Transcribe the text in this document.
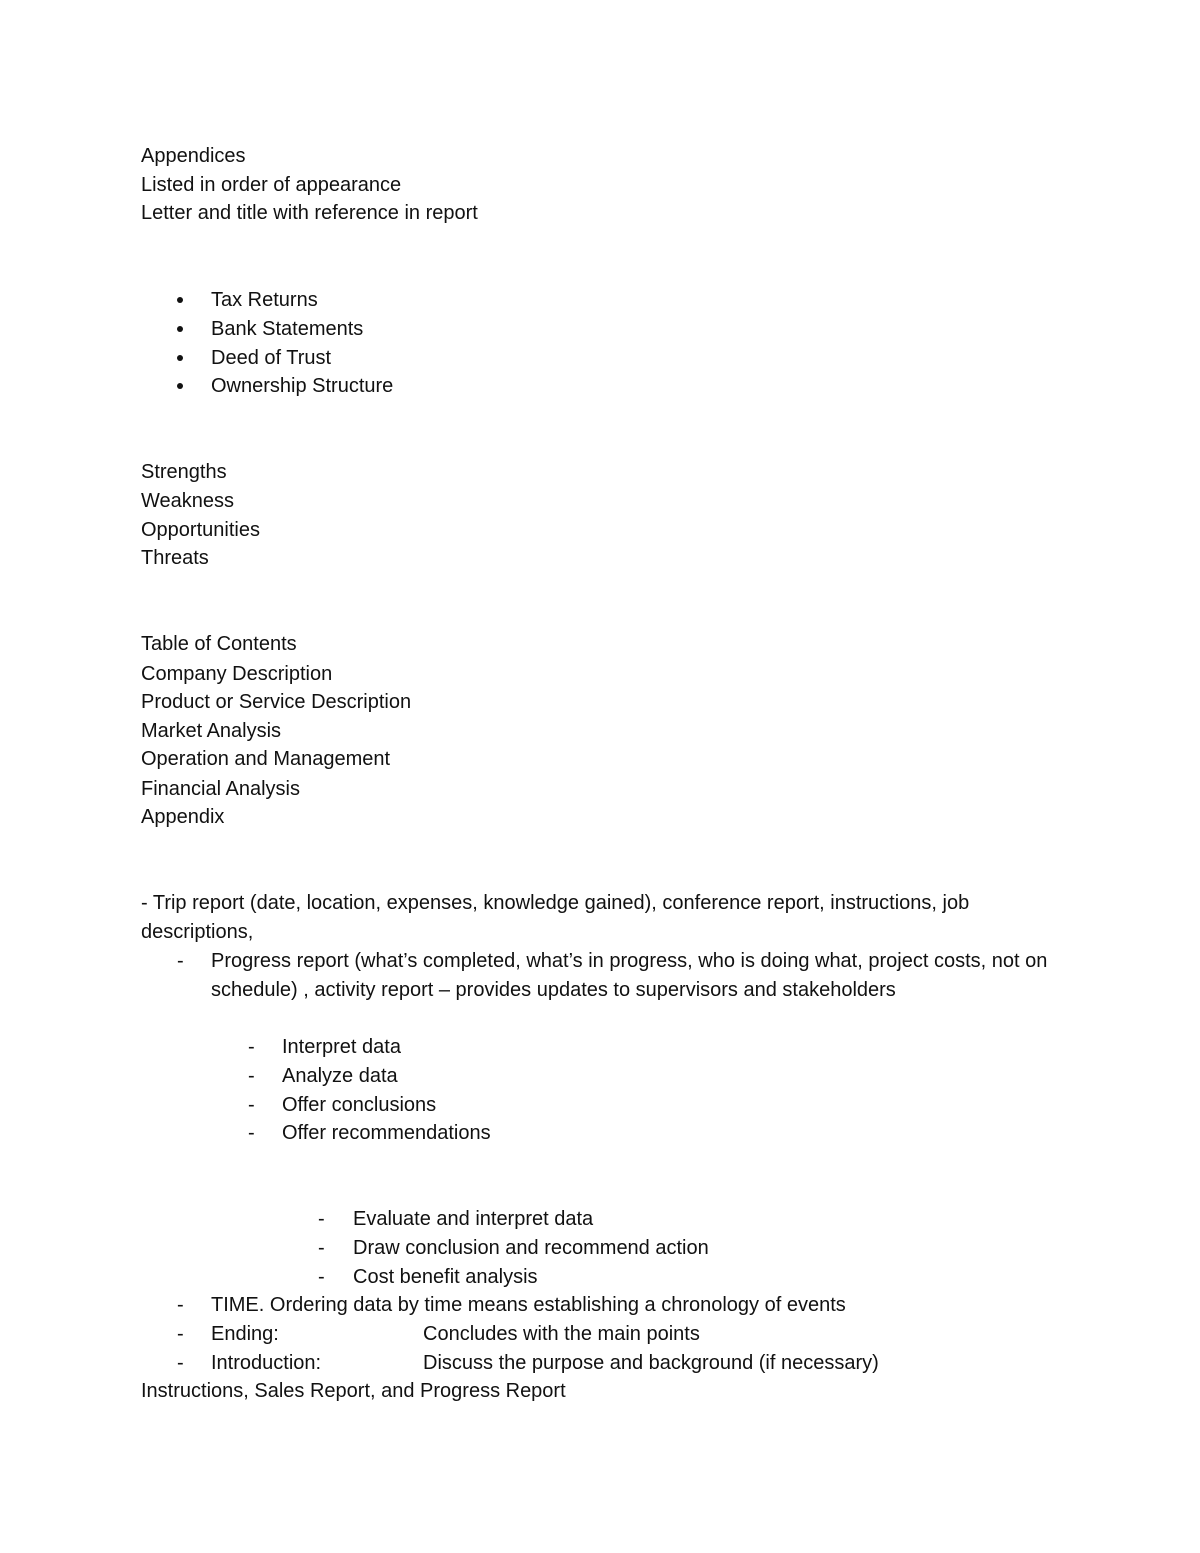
Appendices
Listed in order of appearance
Letter and title with reference in report
Tax Returns
Bank Statements
Deed of Trust
Ownership Structure
Strengths
Weakness
Opportunities
Threats
Table of Contents
Company Description
Product or Service Description
Market Analysis
Operation and Management
Financial Analysis
Appendix
- Trip report (date, location, expenses, knowledge gained), conference report, instructions, job descriptions,
- Progress report (what’s completed, what’s in progress, who is doing what, project costs, not on schedule) , activity report – provides updates to supervisors and stakeholders
- Interpret data
- Analyze data
- Offer conclusions
- Offer recommendations
- Evaluate and interpret data
- Draw conclusion and recommend action
- Cost benefit analysis
- TIME. Ordering data by time means establishing a chronology of events
- Ending:	Concludes with the main points
- Introduction:	Discuss the purpose and background (if necessary)
Instructions, Sales Report, and Progress Report
